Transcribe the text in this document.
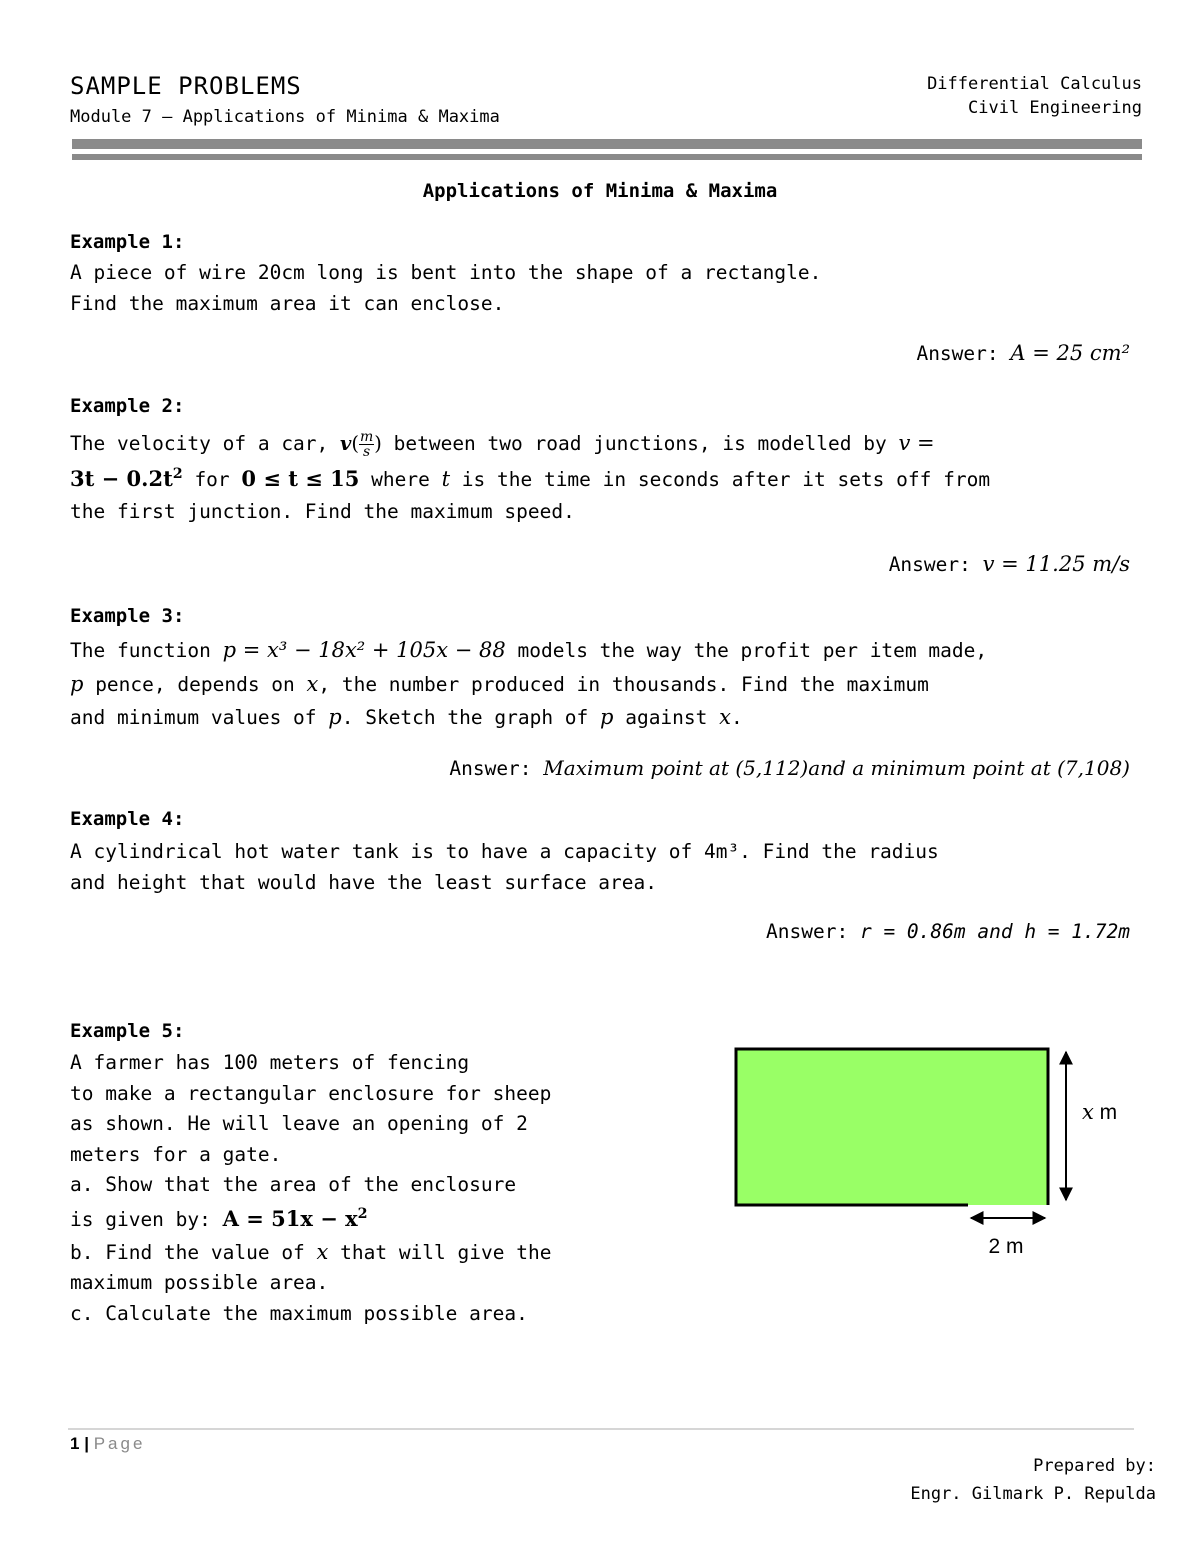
SAMPLE PROBLEMS
Module 7 – Applications of Minima & Maxima
Differential Calculus
Civil Engineering
Applications of Minima & Maxima
Example 1:
A piece of wire 20cm long is bent into the shape of a rectangle.
Find the maximum area it can enclose.
Answer: A = 25 cm²
Example 2:
The velocity of a car, $v( \frac{m}{s}$ ) between two road junctions, is modelled by v =
$3t - 0.2t^2$ for 0 ≤ t ≤ 15 where t is the time in seconds after it sets off from
the first junction. Find the maximum speed.
Answer: v = 11.25 m/s
Example 3:
The function p = x³ − 18x² + 105x − 88 models the way the profit per item made,
p pence, depends on x, the number produced in thousands. Find the maximum
and minimum values of p. Sketch the graph of p against x.
Answer: Maximum point at (5,112)and a minimum point at (7,108)
Example 4:
A cylindrical hot water tank is to have a capacity of 4m³. Find the radius
and height that would have the least surface area.
Answer: r = 0.86m and h = 1.72m
Example 5:
A farmer has 100 meters of fencing
to make a rectangular enclosure for sheep
as shown. He will leave an opening of 2
meters for a gate.
a. Show that the area of the enclosure
is given by: $A = 51x - x^2$
b. Find the value of x that will give the
maximum possible area.
c. Calculate the maximum possible area.
x m
2 m
1 | Page
Prepared by:
Engr. Gilmark P. Repulda
